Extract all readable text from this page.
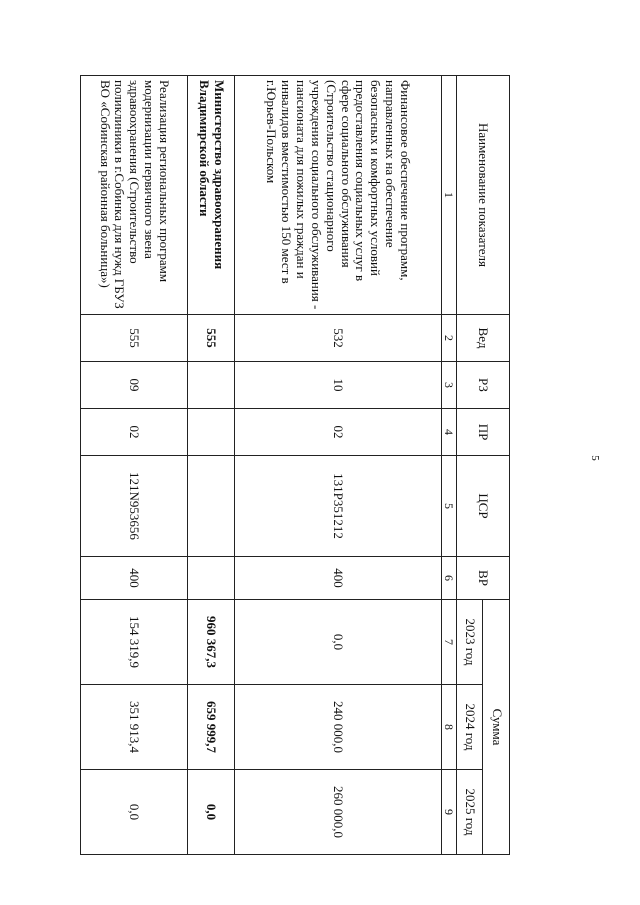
5
Наименование показателя	Вед	РЗ	ПР	ЦСР	ВР	Сумма		
						2023 год	2024 год	2025 год
1	2	3	4	5	6	7	8	9
Финансовое обеспечение программ, направленных на обеспечение безопасных и комфортных условий предоставления социальных услуг в сфере социального обслуживания (Строительство стационарного учреждения социального обслуживания - пансионата для пожилых граждан и инвалидов вместимостью 150 мест в г.Юрьев-Польском	532	10	02	131P351212	400	0,0	240 000,0	260 000,0
Министерство здравоохранения Владимирской области	555					960 367,3	659 999,7	0,0
Реализация региональных программ модернизации первичного звена здравоохранения (Строительство поликлиники в г.Собинка для нужд ГБУЗ ВО «Собинская районная больница»)	555	09	02	121N953656	400	154 319,9	351 913,4	0,0
